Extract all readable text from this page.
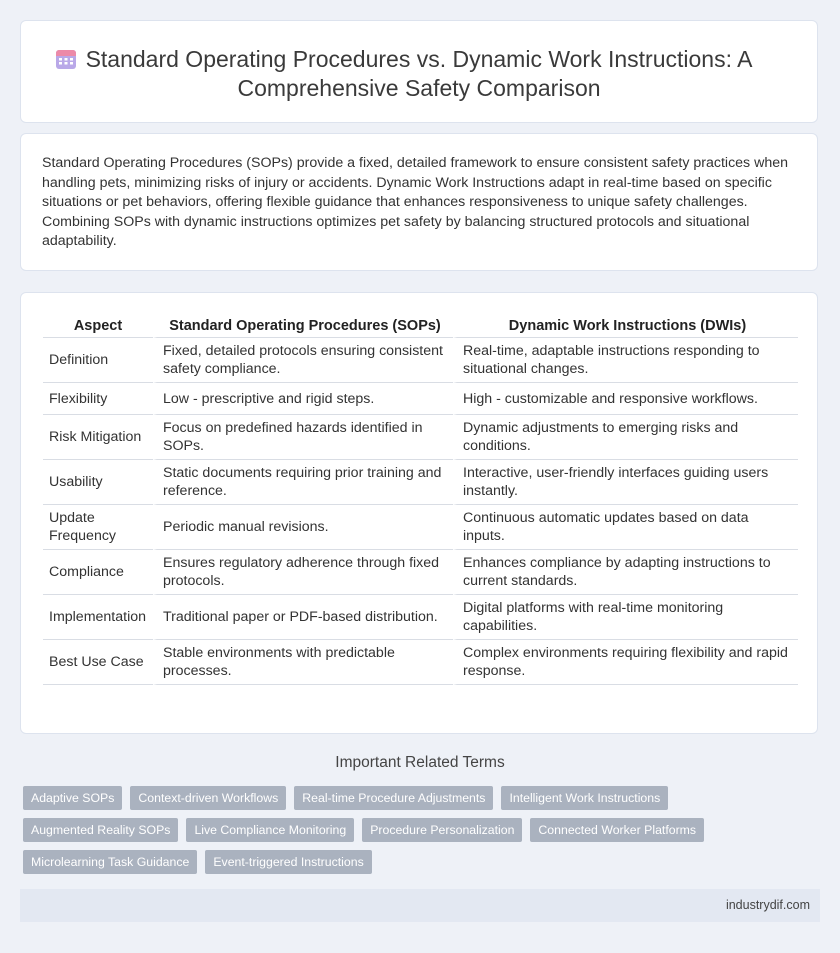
Standard Operating Procedures vs. Dynamic Work Instructions: A Comprehensive Safety Comparison
Standard Operating Procedures (SOPs) provide a fixed, detailed framework to ensure consistent safety practices when handling pets, minimizing risks of injury or accidents. Dynamic Work Instructions adapt in real-time based on specific situations or pet behaviors, offering flexible guidance that enhances responsiveness to unique safety challenges. Combining SOPs with dynamic instructions optimizes pet safety by balancing structured protocols and situational adaptability.
Aspect	Standard Operating Procedures (SOPs)	Dynamic Work Instructions (DWIs)
Definition	Fixed, detailed protocols ensuring consistent safety compliance.	Real-time, adaptable instructions responding to situational changes.
Flexibility	Low - prescriptive and rigid steps.	High - customizable and responsive workflows.
Risk Mitigation	Focus on predefined hazards identified in SOPs.	Dynamic adjustments to emerging risks and conditions.
Usability	Static documents requiring prior training and reference.	Interactive, user-friendly interfaces guiding users instantly.
Update Frequency	Periodic manual revisions.	Continuous automatic updates based on data inputs.
Compliance	Ensures regulatory adherence through fixed protocols.	Enhances compliance by adapting instructions to current standards.
Implementation	Traditional paper or PDF-based distribution.	Digital platforms with real-time monitoring capabilities.
Best Use Case	Stable environments with predictable processes.	Complex environments requiring flexibility and rapid response.
Important Related Terms
Adaptive SOPs	Context-driven Workflows	Real-time Procedure Adjustments	Intelligent Work Instructions
Augmented Reality SOPs	Live Compliance Monitoring	Procedure Personalization	Connected Worker Platforms
Microlearning Task Guidance	Event-triggered Instructions
industrydif.com
